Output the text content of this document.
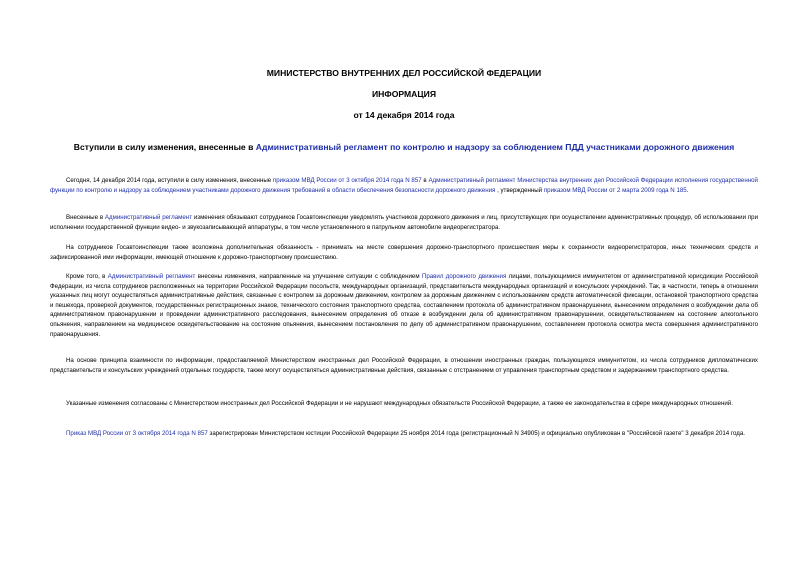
МИНИСТЕРСТВО ВНУТРЕННИХ ДЕЛ РОССИЙСКОЙ ФЕДЕРАЦИИ
ИНФОРМАЦИЯ
от 14 декабря 2014 года
Вступили в силу изменения, внесенные в Административный регламент по контролю и надзору за соблюдением ПДД участниками дорожного движения
Сегодня, 14 декабря 2014 года, вступили в силу изменения, внесенные приказом МВД России от 3 октября 2014 года N 857 в Административный регламент Министерства внутренних дел Российской Федерации исполнения государственной функции по контролю и надзору за соблюдением участниками дорожного движения требований в области обеспечения безопасности дорожного движения , утвержденный приказом МВД России от 2 марта 2009 года N 185.
Внесенные в Административный регламент изменения обязывают сотрудников Госавтоинспекции уведомлять участников дорожного движения и лиц, присутствующих при осуществлении административных процедур, об использовании при исполнении государственной функции видео- и звукозаписывающей аппаратуры, в том числе установленного в патрульном автомобиле видеорегистратора.
На сотрудников Госавтоинспекции также возложена дополнительная обязанность - принимать на месте совершения дорожно-транспортного происшествия меры к сохранности видеорегистраторов, иных технических средств и зафиксированной ими информации, имеющей отношение к дорожно-транспортному происшествию.
Кроме того, в Административный регламент внесены изменения, направленные на улучшение ситуации с соблюдением Правил дорожного движения лицами, пользующимися иммунитетом от административной юрисдикции Российской Федерации, из числа сотрудников расположенных на территории Российской Федерации посольств, международных организаций, представительств международных организаций и консульских учреждений. Так, в частности, теперь в отношении указанных лиц могут осуществляться административные действия, связанные с контролем за дорожным движением, контролем за дорожным движением с использованием средств автоматической фиксации, остановкой транспортного средства и пешехода, проверкой документов, государственных регистрационных знаков, технического состояния транспортного средства, составлением протокола об административном правонарушении, вынесением определения о возбуждении дела об административном правонарушении и проведении административного расследования, вынесением определения об отказе в возбуждении дела об административном правонарушении, освидетельствованием на состояние алкогольного опьянения, направлением на медицинское освидетельствование на состояние опьянения, вынесением постановления по делу об административном правонарушении, составлением протокола осмотра места совершения административного правонарушения.
На основе принципа взаимности по информации, предоставляемой Министерством иностранных дел Российской Федерации, в отношении иностранных граждан, пользующихся иммунитетом, из числа сотрудников дипломатических представительств и консульских учреждений отдельных государств, также могут осуществляться административные действия, связанные с отстранением от управления транспортным средством и задержанием транспортного средства.
Указанные изменения согласованы с Министерством иностранных дел Российской Федерации и не нарушают международных обязательств Российской Федерации, а также ее законодательства в сфере международных отношений.
Приказ МВД России от 3 октября 2014 года N 857 зарегистрирован Министерством юстиции Российской Федерации 25 ноября 2014 года (регистрационный N 34905) и официально опубликован в "Российской газете" 3 декабря 2014 года.
